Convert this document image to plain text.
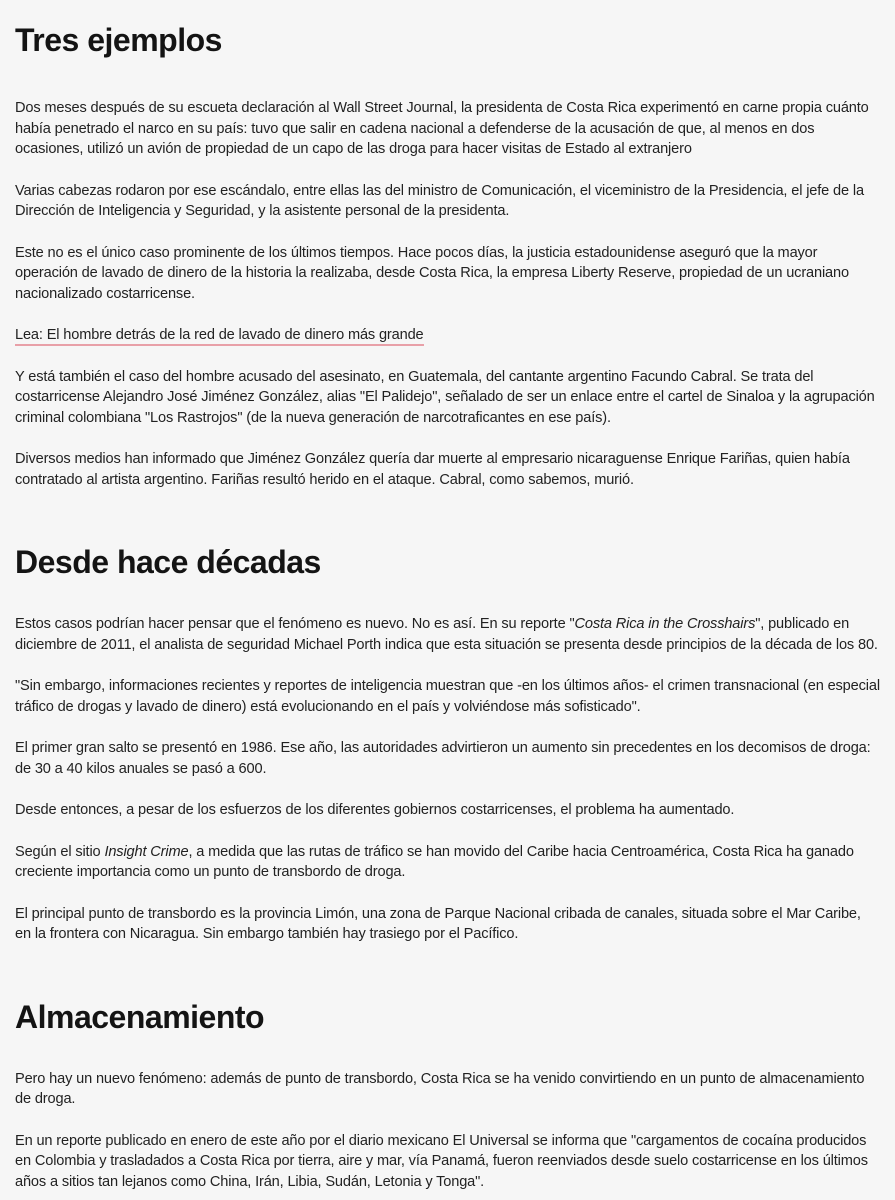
Tres ejemplos

Dos meses después de su escueta declaración al Wall Street Journal, la presidenta de Costa Rica experimentó en carne propia cuánto había penetrado el narco en su país: tuvo que salir en cadena nacional a defenderse de la acusación de que, al menos en dos ocasiones, utilizó un avión de propiedad de un capo de las droga para hacer visitas de Estado al extranjero

Varias cabezas rodaron por ese escándalo, entre ellas las del ministro de Comunicación, el viceministro de la Presidencia, el jefe de la Dirección de Inteligencia y Seguridad, y la asistente personal de la presidenta.

Este no es el único caso prominente de los últimos tiempos. Hace pocos días, la justicia estadounidense aseguró que la mayor operación de lavado de dinero de la historia la realizaba, desde Costa Rica, la empresa Liberty Reserve, propiedad de un ucraniano nacionalizado costarricense.

Lea: El hombre detrás de la red de lavado de dinero más grande

Y está también el caso del hombre acusado del asesinato, en Guatemala, del cantante argentino Facundo Cabral. Se trata del costarricense Alejandro José Jiménez González, alias "El Palidejo", señalado de ser un enlace entre el cartel de Sinaloa y la agrupación criminal colombiana "Los Rastrojos" (de la nueva generación de narcotraficantes en ese país).

Diversos medios han informado que Jiménez González quería dar muerte al empresario nicaraguense Enrique Fariñas, quien había contratado al artista argentino. Fariñas resultó herido en el ataque. Cabral, como sabemos, murió.

Desde hace décadas

Estos casos podrían hacer pensar que el fenómeno es nuevo. No es así. En su reporte "Costa Rica in the Crosshairs", publicado en diciembre de 2011, el analista de seguridad Michael Porth indica que esta situación se presenta desde principios de la década de los 80.

"Sin embargo, informaciones recientes y reportes de inteligencia muestran que -en los últimos años- el crimen transnacional (en especial tráfico de drogas y lavado de dinero) está evolucionando en el país y volviéndose más sofisticado".

El primer gran salto se presentó en 1986. Ese año, las autoridades advirtieron un aumento sin precedentes en los decomisos de droga: de 30 a 40 kilos anuales se pasó a 600.

Desde entonces, a pesar de los esfuerzos de los diferentes gobiernos costarricenses, el problema ha aumentado.

Según el sitio Insight Crime, a medida que las rutas de tráfico se han movido del Caribe hacia Centroamérica, Costa Rica ha ganado creciente importancia como un punto de transbordo de droga.

El principal punto de transbordo es la provincia Limón, una zona de Parque Nacional cribada de canales, situada sobre el Mar Caribe, en la frontera con Nicaragua. Sin embargo también hay trasiego por el Pacífico.

Almacenamiento

Pero hay un nuevo fenómeno: además de punto de transbordo, Costa Rica se ha venido convirtiendo en un punto de almacenamiento de droga.

En un reporte publicado en enero de este año por el diario mexicano El Universal se informa que "cargamentos de cocaína producidos en Colombia y trasladados a Costa Rica por tierra, aire y mar, vía Panamá, fueron reenviados desde suelo costarricense en los últimos años a sitios tan lejanos como China, Irán, Libia, Sudán, Letonia y Tonga".
